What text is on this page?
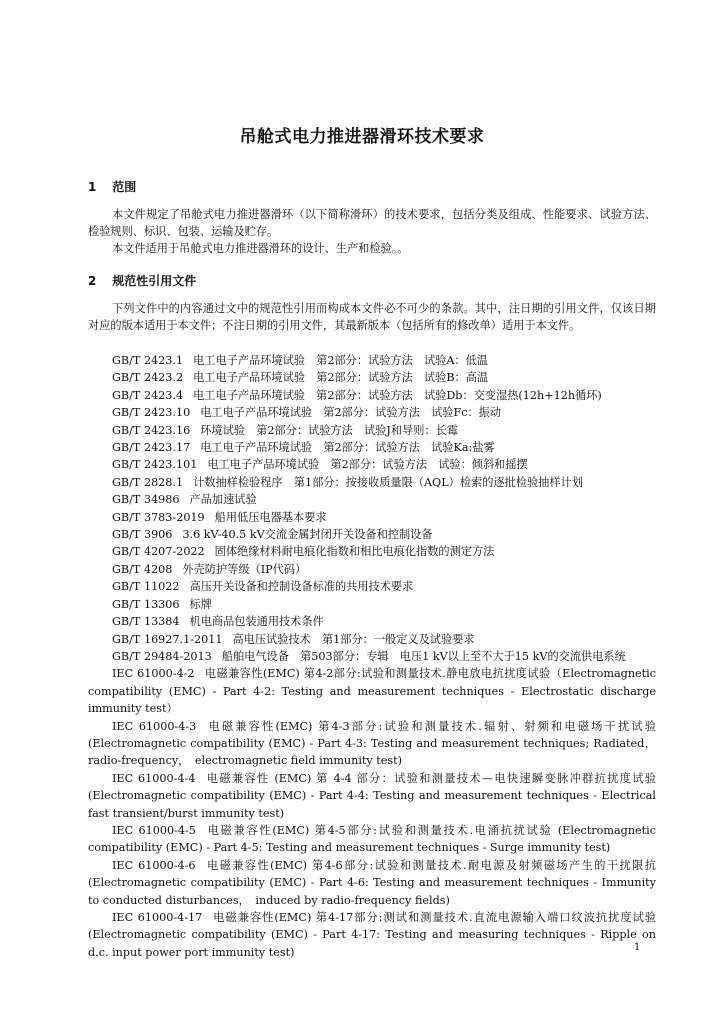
吊舱式电力推进器滑环技术要求
1 范围
本文件规定了吊舱式电力推进器滑环（以下简称滑环）的技术要求，包括分类及组成、性能要求、试验方法、检验规则、标识、包装、运输及贮存。
本文件适用于吊舱式电力推进器滑环的设计、生产和检验。。
2 规范性引用文件
下列文件中的内容通过文中的规范性引用而构成本文件必不可少的条款。其中，注日期的引用文件，仅该日期对应的版本适用于本文件；不注日期的引用文件，其最新版本（包括所有的修改单）适用于本文件。
GB/T 2423.1 电工电子产品环境试验　第2部分：试验方法　试验A：低温
GB/T 2423.2 电工电子产品环境试验　第2部分：试验方法　试验B：高温
GB/T 2423.4 电工电子产品环境试验　第2部分：试验方法　试验Db：交变湿热(12h+12h循环)
GB/T 2423.10 电工电子产品环境试验　第2部分：试验方法　试验Fc：振动
GB/T 2423.16 环境试验　第2部分：试验方法　试验J和导则：长霉
GB/T 2423.17 电工电子产品环境试验　第2部分：试验方法　试验Ka:盐雾
GB/T 2423.101 电工电子产品环境试验　第2部分：试验方法　试验：倾斜和摇摆
GB/T 2828.1 计数抽样检验程序　第1部分：按接收质量限（AQL）检索的逐批检验抽样计划
GB/T 34986 产品加速试验
GB/T 3783-2019 船用低压电器基本要求
GB/T 3906 3.6 kV-40.5 kV交流金属封闭开关设备和控制设备
GB/T 4207-2022 固体绝缘材料耐电痕化指数和相比电痕化指数的测定方法
GB/T 4208 外壳防护等级（IP代码）
GB/T 11022 高压开关设备和控制设备标准的共用技术要求
GB/T 13306 标牌
GB/T 13384 机电商品包装通用技术条件
GB/T 16927.1-2011 高电压试验技术　第1部分：一般定义及试验要求
GB/T 29484-2013 船舶电气设备　第503部分：专辑　电压1 kV以上至不大于15 kV的交流供电系统
IEC 61000-4-2 电磁兼容性(EMC) 第4-2部分:试验和测量技术.静电放电抗扰度试验（Electromagnetic compatibility (EMC) - Part 4-2: Testing and measurement techniques - Electrostatic discharge immunity test）
IEC 61000-4-3 电磁兼容性(EMC) 第4-3部分:试验和测量技术.辐射、射频和电磁场干扰试验 (Electromagnetic compatibility (EMC) - Part 4-3: Testing and measurement techniques; Radiated，radio-frequency，　electromagnetic field immunity test)
IEC 61000-4-4 电磁兼容性 (EMC) 第 4-4 部分：试验和测量技术—电快速瞬变脉冲群抗扰度试验 (Electromagnetic compatibility (EMC) - Part 4-4: Testing and measurement techniques - Electrical fast transient/burst immunity test)
IEC 61000-4-5 电磁兼容性(EMC) 第4-5部分:试验和测量技术.电涌抗扰试验 (Electromagnetic compatibility (EMC) - Part 4-5: Testing and measurement techniques - Surge immunity test)
IEC 61000-4-6 电磁兼容性(EMC) 第4-6部分:试验和测量技术.耐电源及射频磁场产生的干扰限抗 (Electromagnetic compatibility (EMC) - Part 4-6: Testing and measurement techniques - Immunity to conducted disturbances，　induced by radio-frequency fields)
IEC 61000-4-17 电磁兼容性(EMC) 第4-17部分:测试和测量技术.直流电源输入端口纹波抗扰度试验 (Electromagnetic compatibility (EMC) - Part 4-17: Testing and measuring techniques - Ripple on d.c. input power port immunity test)	1
